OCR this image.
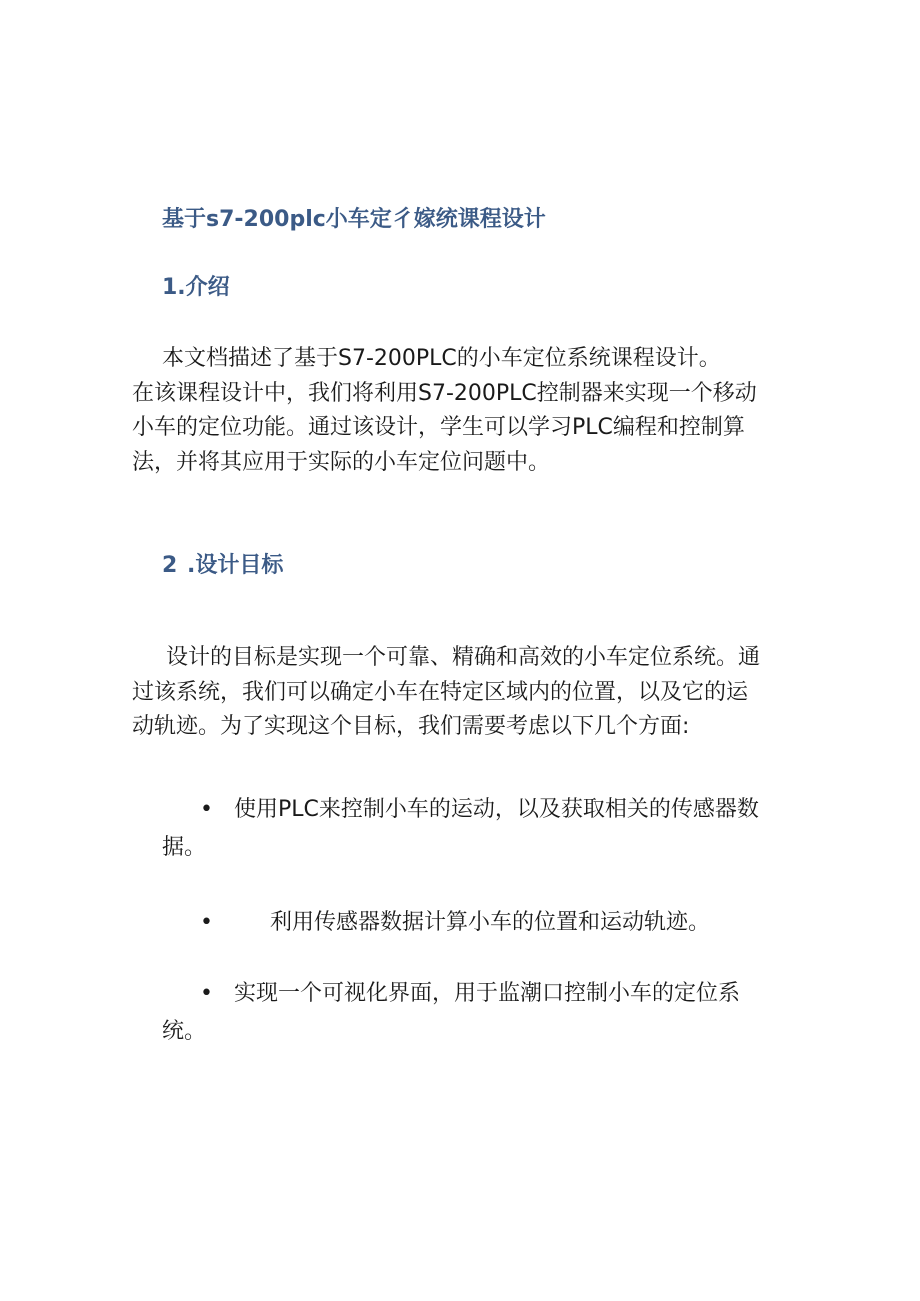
基于s7-200plc小车定彳嫁统课程设计
1.介绍
本文档描述了基于S7-200PLC的小车定位系统课程设计。
在该课程设计中，我们将利用S7-200PLC控制器来实现一个移动
小车的定位功能。通过该设计，学生可以学习PLC编程和控制算
法，并将其应用于实际的小车定位问题中。
2 .设计目标
设计的目标是实现一个可靠、精确和高效的小车定位系统。通
过该系统，我们可以确定小车在特定区域内的位置，以及它的运
动轨迹。为了实现这个目标，我们需要考虑以下几个方面:
• 使用PLC来控制小车的运动，以及获取相关的传感器数
据。
•	利用传感器数据计算小车的位置和运动轨迹。
• 实现一个可视化界面，用于监潮口控制小车的定位系
统。
